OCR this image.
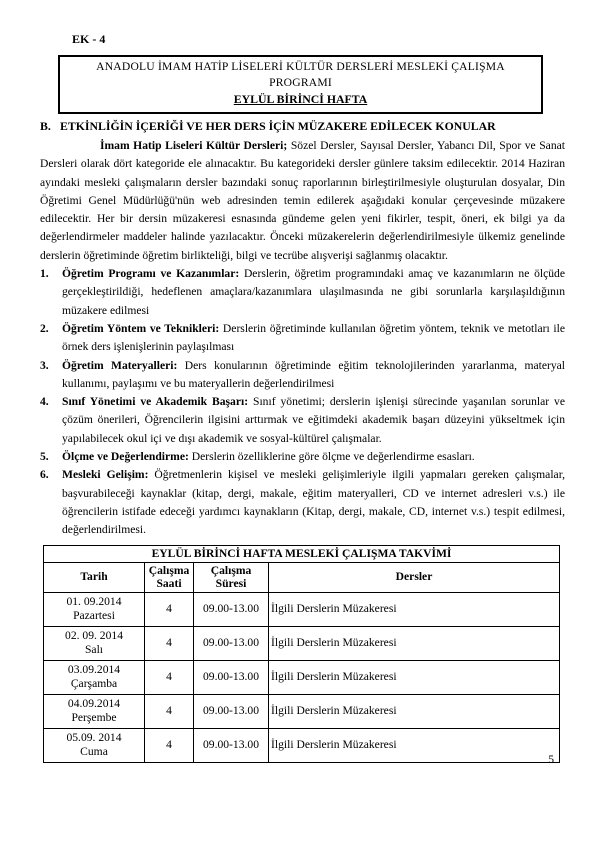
EK - 4
ANADOLU İMAM HATİP LİSELERİ KÜLTÜR DERSLERİ MESLEKİ ÇALIŞMA PROGRAMI
EYLÜL BİRİNCİ HAFTA
B. ETKİNLİĞİN İÇERİĞİ VE HER DERS İÇİN MÜZAKERE EDİLECEK KONULAR

İmam Hatip Liseleri Kültür Dersleri; Sözel Dersler, Sayısal Dersler, Yabancı Dil, Spor ve Sanat Dersleri olarak dört kategoride ele alınacaktır. Bu kategorideki dersler günlere taksim edilecektir. 2014 Haziran ayındaki mesleki çalışmaların dersler bazındaki sonuç raporlarının birleştirilmesiyle oluşturulan dosyalar, Din Öğretimi Genel Müdürlüğü'nün web adresinden temin edilerek aşağıdaki konular çerçevesinde müzakere edilecektir. Her bir dersin müzakeresi esnasında gündeme gelen yeni fikirler, tespit, öneri, ek bilgi ya da değerlendirmeler maddeler halinde yazılacaktır. Önceki müzakerelerin değerlendirilmesiyle ülkemiz genelinde derslerin öğretiminde öğretim birlikteliği, bilgi ve tecrübe alışverişi sağlanmış olacaktır.

1.	Öğretim Programı ve Kazanımlar: Derslerin, öğretim programındaki amaç ve kazanımların ne ölçüde gerçekleştirildiği, hedeflenen amaçlara/kazanımlara ulaşılmasında ne gibi sorunlarla karşılaşıldığının müzakere edilmesi
2.	Öğretim Yöntem ve Teknikleri: Derslerin öğretiminde kullanılan öğretim yöntem, teknik ve metotları ile örnek ders işlenişlerinin paylaşılması
3.	Öğretim Materyalleri: Ders konularının öğretiminde eğitim teknolojilerinden yararlanma, materyal kullanımı, paylaşımı ve bu materyallerin değerlendirilmesi
4.	Sınıf Yönetimi ve Akademik Başarı: Sınıf yönetimi; derslerin işlenişi sürecinde yaşanılan sorunlar ve çözüm önerileri, Öğrencilerin ilgisini arttırmak ve eğitimdeki akademik başarı düzeyini yükseltmek için yapılabilecek okul içi ve dışı akademik ve sosyal-kültürel çalışmalar.
5.	Ölçme ve Değerlendirme: Derslerin özelliklerine göre ölçme ve değerlendirme esasları.
6.	Mesleki Gelişim: Öğretmenlerin kişisel ve mesleki gelişimleriyle ilgili yapmaları gereken çalışmalar, başvurabileceği kaynaklar (kitap, dergi, makale, eğitim materyalleri, CD ve internet adresleri v.s.) ile öğrencilerin istifade edeceği yardımcı kaynakların (Kitap, dergi, makale, CD, internet v.s.) tespit edilmesi, değerlendirilmesi.
EYLÜL BİRİNCİ HAFTA MESLEKİ ÇALIŞMA TAKVİMİ			
Tarih	Çalışma Saati	Çalışma Süresi	Dersler

01. 09.2014
Pazartesi	4	09.00-13.00	İlgili Derslerin Müzakeresi

02. 09. 2014
Salı	4	09.00-13.00	İlgili Derslerin Müzakeresi

03.09.2014
Çarşamba	4	09.00-13.00	İlgili Derslerin Müzakeresi

04.09.2014
Perşembe	4	09.00-13.00	İlgili Derslerin Müzakeresi

05.09. 2014
Cuma	4	09.00-13.00	İlgili Derslerin Müzakeresi
5
